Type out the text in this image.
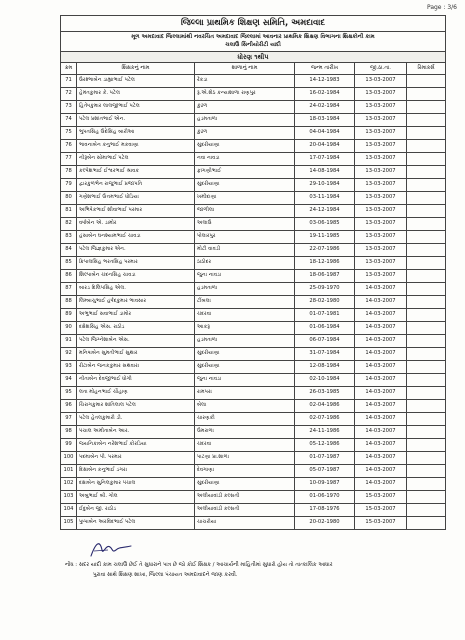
Page : 3/6
જિલ્લા પ્રાથમિક શિક્ષણ સમિતિ, અમદાવાદ					
મૂળ અમદાવાદ જિલ્લામાંથી નવરચિત અમદાવાદ જિલ્લામાં આવનાર પ્રાથમિક શિક્ષણ વિભાગના શિક્ષકોની કામ
ચલાઉ સિનીયોરીટી યાદી					
ધોરણ ૧થી૫					
ક્રમ	શિક્ષકનું નામ	શાળાનું નામ	જન્મ તારીખ	જી.ઠા.તા.	રિમાર્ક્સ
71	ઉરશ્ભાબેન ડાહ્યાભાઈ પટેલ	રેંકડા	14-12-1983	13-03-2007	
72	હેમંતકુમાર કે. પટેલ	રૂ.એ.શેઠ કન્યાશાળા રાણપુર	16-02-1984	13-03-2007	
73	હિતેષકુમાર લાલજીભાઈ પટેલ	કુંઢળ	24-02-1984	13-03-2007	
74	પટેલ પ્રશાંતભાઈ એન.	હડમતાળા	18-03-1984	13-03-2007	
75	ભુપતસિંહ ઉદેસિંહ બારીઆ	કુંઢળ	04-04-1984	13-03-2007	
76	ભાવનાબેન કનુભાઈ મકવાણા	સુંદરીયાણા	20-04-1984	13-03-2007	
77	નીરૂબેન સોમાભાઈ પટેલ	નવા નાવડા	17-07-1984	13-03-2007	
78	કલ્પેશભાઈ ઈશ્વરભાઈ શ્રાવક	ફાંગણીભાઈ	14-08-1984	13-03-2007	
79	દ્વારકુળભેન રાજુભાઈ પ્રજાપતિ	સુંદરીયાણા	29-10-1984	13-03-2007	
80	ગણેશભાઈ ઉત્તમભાઈ ધોડિયા	ખમીદાણા	03-11-1984	13-03-2007	
81	અભિષેકભાઈ શીવાભાઈ પરમાર	જાળીલા	24-12-1984	13-03-2007	
82	વર્ષાબેન એ. ડામોર	અલાઉ	03-06-1985	13-03-2007	
83	હંસાબેન ઘનશ્યામભાઈ ચાવડા	પોલારપુર	19-11-1985	13-03-2007	
84	પટેલ જિજ્ઞકુમાર એન.	મોટી વાવડી	22-07-1986	13-03-2007	
85	ક્રિપાલસિંહ ભરતસિંહ પરમાર	ઠાઠોદર	18-12-1986	13-03-2007	
86	શિલ્પાબેન ચંદનસિંહ ચાવડા	જુના નાવડા	18-06-1987	13-03-2007	
87	બારડ દિલિપસિંહ એલ.	હડમતાળા	25-09-1970	14-03-2007	
88	લિમ્બાચુભાઈ હર્ષદકુમાર ભાવસાર	ટીંબલા	28-02-1980	14-03-2007	
89	અભુભાઈ સવાભાઈ ડામોર	ચંદરવા	01-07-1981	14-03-2007	
90	દક્ષેશસિંહ એસ. રાઠોડ	આકરૂ	01-06-1984	14-03-2007	
91	પટેલ જિગ્નેશાબેન એસ.	હડમતાળા	06-07-1984	14-03-2007	
92	મનિષાબેન સુમતીભાઈ સુથાર	સુંદરીયાણા	31-07-1984	14-03-2007	
93	રીટાબેન જનકકુમાર સથવારા	સુંદરીયાણા	12-08-1984	14-03-2007	
94	નીતાબેન દેવજીભાઈ ધોગી	જુના નાવડા	02-10-1984	14-03-2007	
95	લતા મોહનભાઈ ચૌહાણ	રામપરા	26-03-1985	14-03-2007	
96	ચિરાગકુમાર શાંતિલાલ પટેલ	બેલા	02-04-1986	14-03-2007	
97	પટેલ હેતલકુમારી ડી.	ચારણકી	02-07-1986	14-03-2007	
98	પંચાલ અમીતાબેન આર.	ઉમરાળા	24-11-1986	14-03-2007	
99	જયનિકાબેન નરેશભાઈ કોરડિયા	ચંદરવા	05-12-1986	14-03-2007	
100	પદમાબેન પી. પરમાર	પાટણા પ્રા.શાળા	01-07-1987	14-03-2007	
101	દિક્ષાબેન કનુભાઈ ડગરા	દેવગાણા	05-07-1987	14-03-2007	
102	દક્ષાબેન સુનિલકુમાર પંચાલ	સુંદરીયાણા	10-09-1987	14-03-2007	
103	અબુભાઈ બી. ગોલ	અલીયાવાંડી કલ્સતી	01-06-1970	15-03-2007	
104	ઈંદુબેન જી. રાઠોડ	અલીયાવાંડી કલ્સતી	17-08-1976	15-03-2007	
105	પુષ્પાબેન અરવિંદભાઈ પટેલ	ચાચરીયા	20-02-1980	15-03-2007	
નોંધ : સદર યાદી કામ ચલાઉ છેઈ તે સુધારાને પાત્ર છે જો કોઈ શિક્ષક / આચાર્યની માહિતીમાં સુધારો હોય તો તાત્કાલિક આધાર
પુરાવા સાથે શિક્ષણ શાખા, જિલ્લા પંચાયત અમદાવાદને જાણ કરવી.
